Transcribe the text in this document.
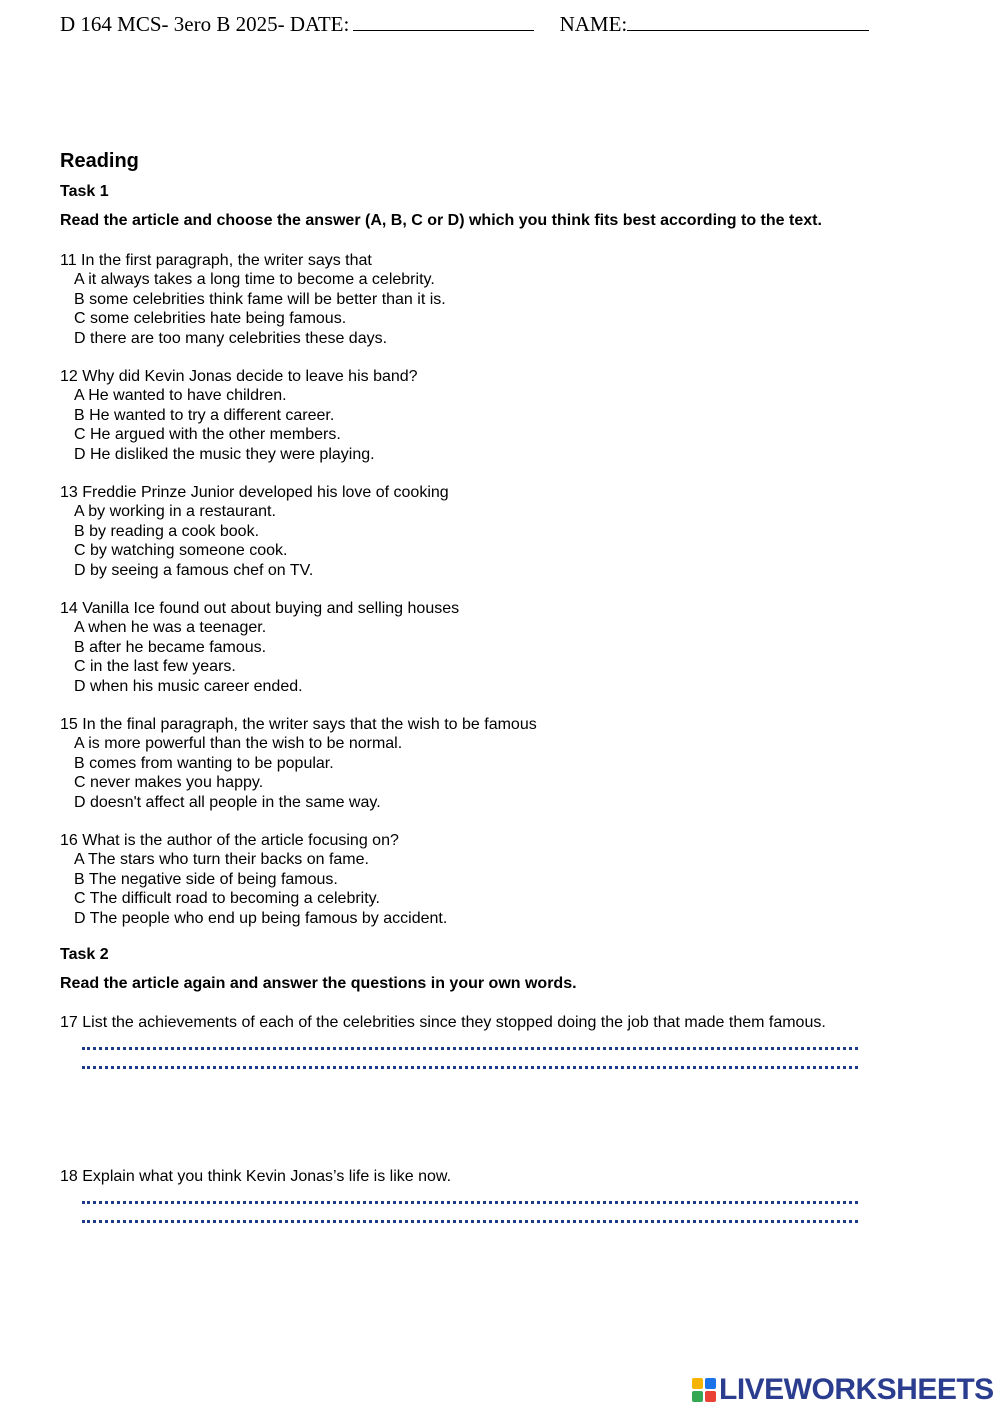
D 164 MCS- 3ero B 2025- DATE:	NAME:
Reading
Task 1
Read the article and choose the answer (A, B, C or D) which you think fits best according to the text.
11 In the first paragraph, the writer says that
A it always takes a long time to become a celebrity.
B some celebrities think fame will be better than it is.
C some celebrities hate being famous.
D there are too many celebrities these days.
12 Why did Kevin Jonas decide to leave his band?
A He wanted to have children.
B He wanted to try a different career.
C He argued with the other members.
D He disliked the music they were playing.
13 Freddie Prinze Junior developed his love of cooking
A by working in a restaurant.
B by reading a cook book.
C by watching someone cook.
D by seeing a famous chef on TV.
14 Vanilla Ice found out about buying and selling houses
A when he was a teenager.
B after he became famous.
C in the last few years.
D when his music career ended.
15 In the final paragraph, the writer says that the wish to be famous
A is more powerful than the wish to be normal.
B comes from wanting to be popular.
C never makes you happy.
D doesn't affect all people in the same way.
16 What is the author of the article focusing on?
A The stars who turn their backs on fame.
B The negative side of being famous.
C The difficult road to becoming a celebrity.
D The people who end up being famous by accident.
Task 2
Read the article again and answer the questions in your own words.
17 List the achievements of each of the celebrities since they stopped doing the job that made them famous.
18 Explain what you think Kevin Jonas’s life is like now.
LIVEWORKSHEETS
